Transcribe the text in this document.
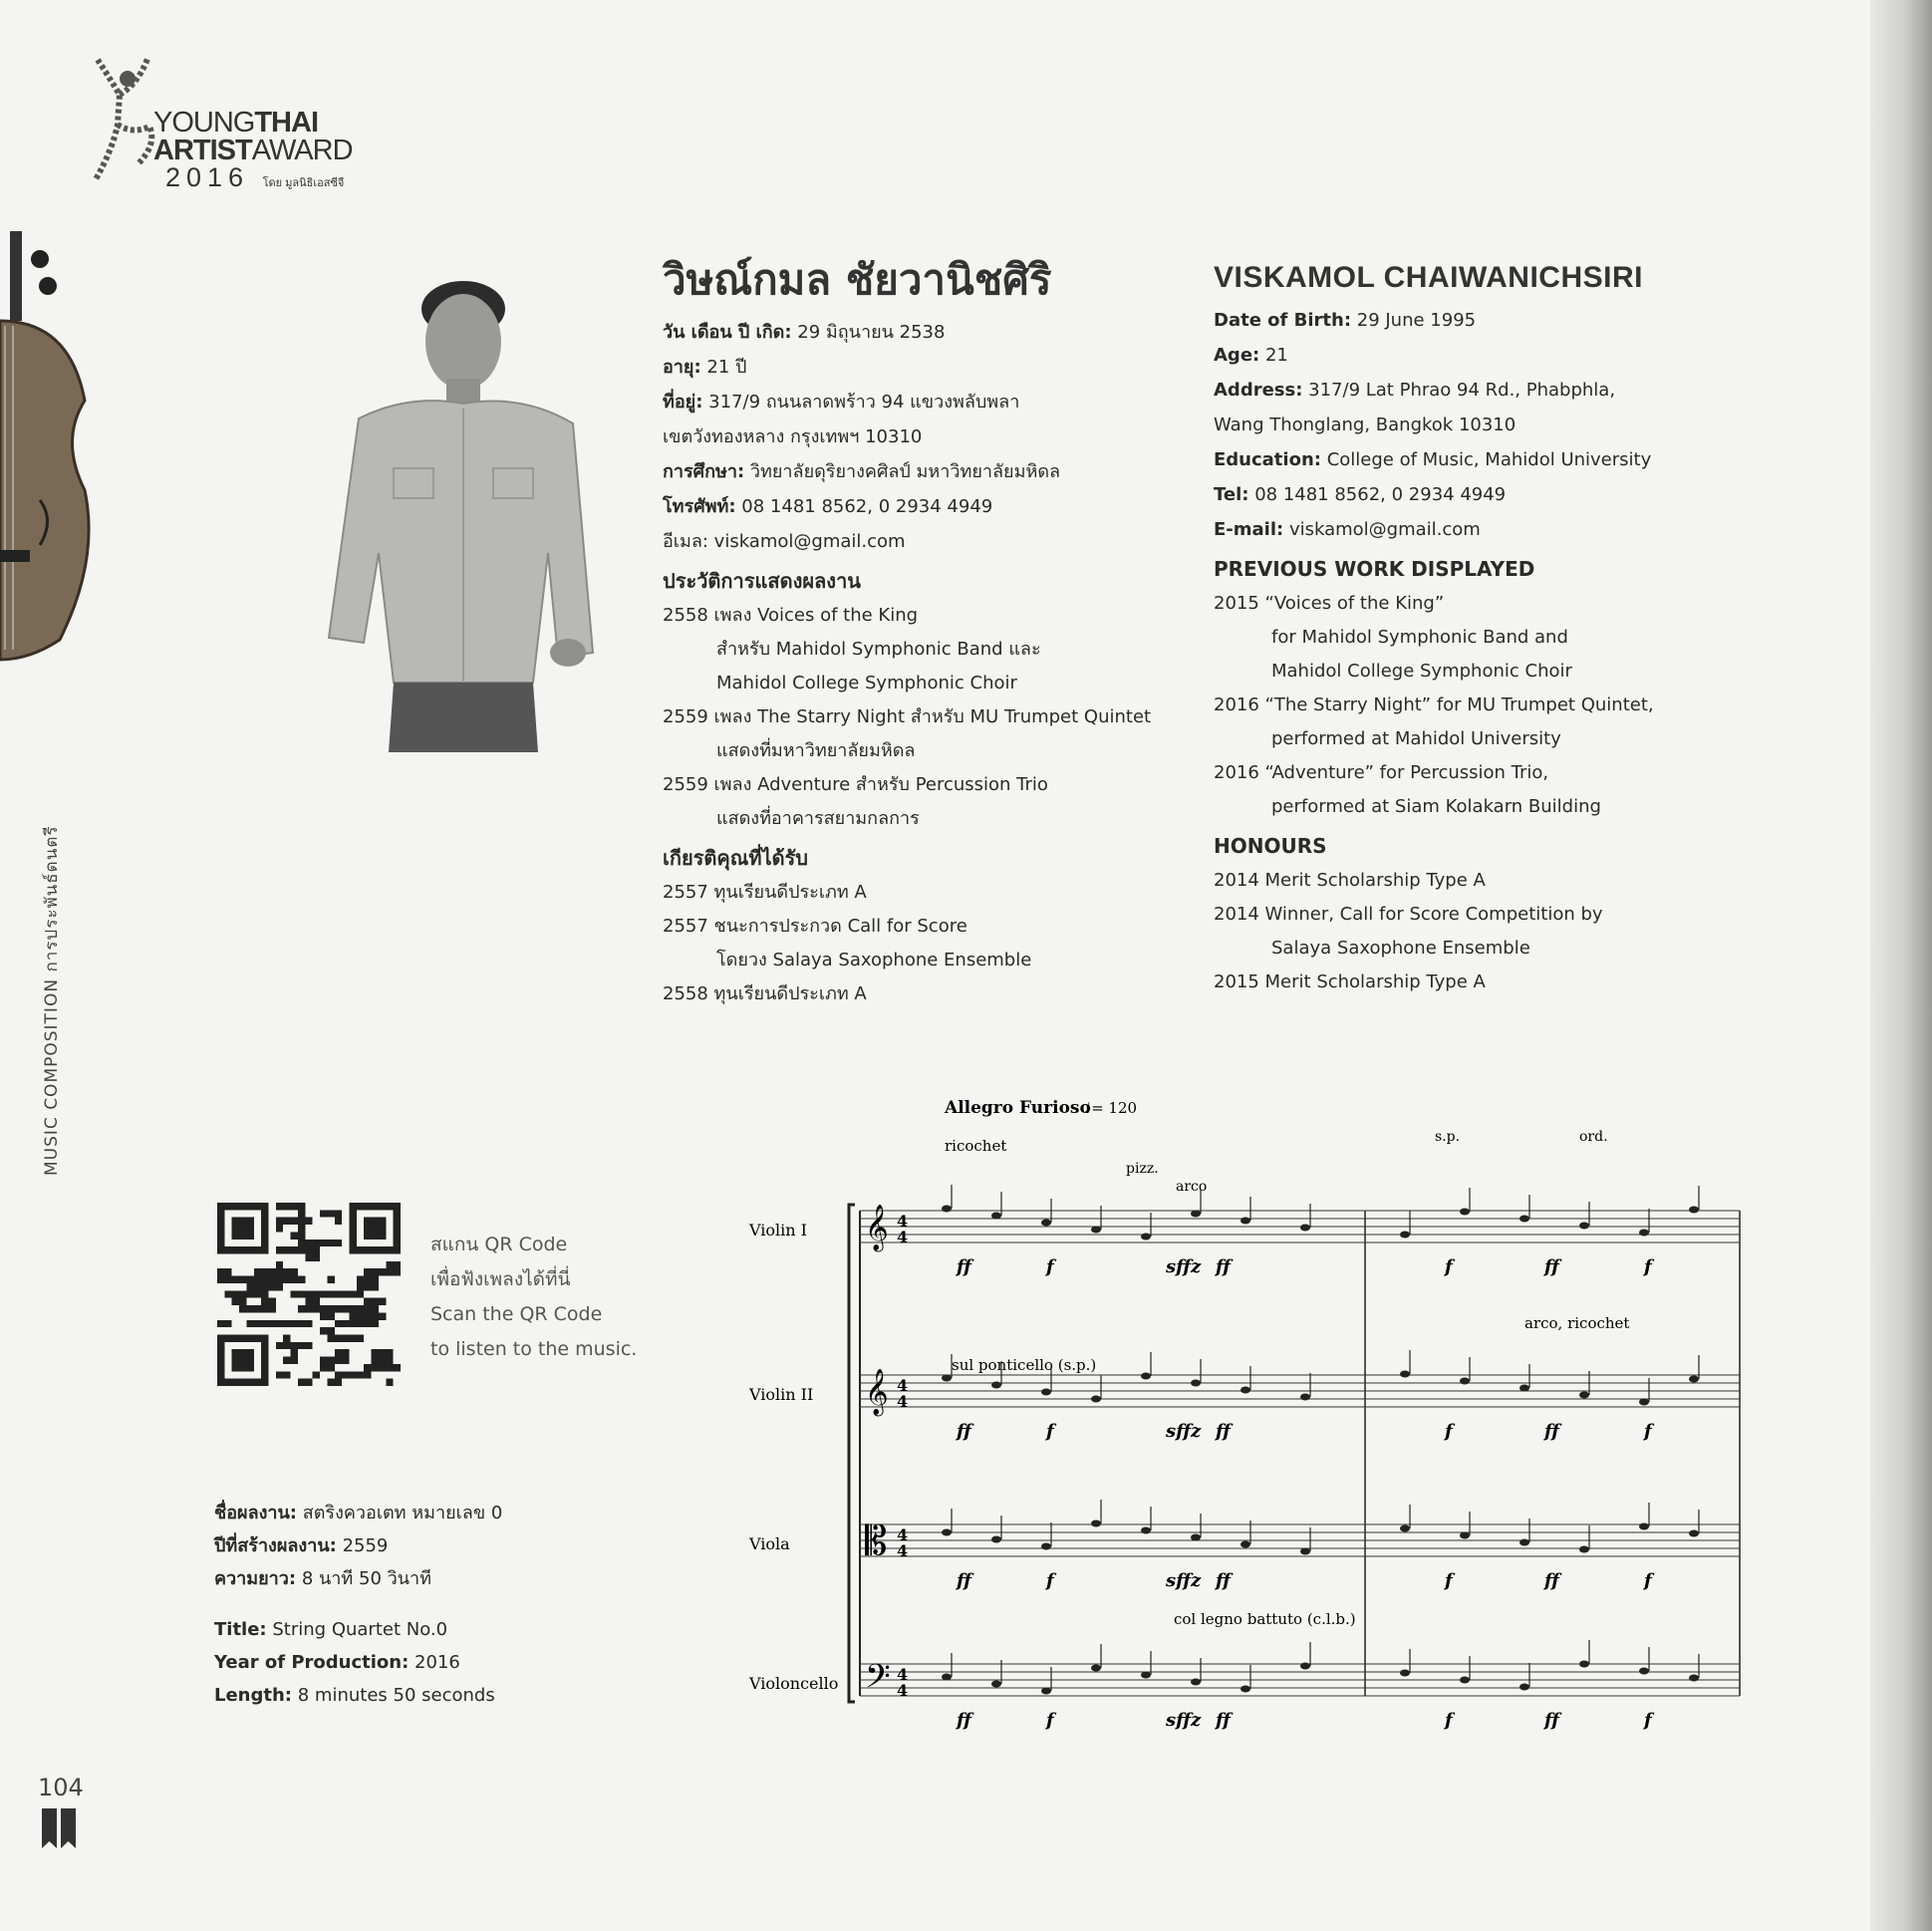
YOUNGTHAI
ARTISTAWARD
2016 โดย มูลนิธิเอสซีจี
MUSIC COMPOSITION การประพันธ์ดนตรี
วิษณ์กมล ชัยวานิชศิริ
วัน เดือน ปี เกิด: 29 มิถุนายน 2538
อายุ: 21 ปี
ที่อยู่: 317/9 ถนนลาดพร้าว 94 แขวงพลับพลา
เขตวังทองหลาง กรุงเทพฯ 10310
การศึกษา: วิทยาลัยดุริยางคศิลป์ มหาวิทยาลัยมหิดล
โทรศัพท์: 08 1481 8562, 0 2934 4949
อีเมล: viskamol@gmail.com
ประวัติการแสดงผลงาน
2558 เพลง Voices of the King
สำหรับ Mahidol Symphonic Band และ
Mahidol College Symphonic Choir
2559 เพลง The Starry Night สำหรับ MU Trumpet Quintet
แสดงที่มหาวิทยาลัยมหิดล
2559 เพลง Adventure สำหรับ Percussion Trio
แสดงที่อาคารสยามกลการ
เกียรติคุณที่ได้รับ
2557 ทุนเรียนดีประเภท A
2557 ชนะการประกวด Call for Score
โดยวง Salaya Saxophone Ensemble
2558 ทุนเรียนดีประเภท A
VISKAMOL CHAIWANICHSIRI
Date of Birth: 29 June 1995
Age: 21
Address: 317/9 Lat Phrao 94 Rd., Phabphla,
Wang Thonglang, Bangkok 10310
Education: College of Music, Mahidol University
Tel: 08 1481 8562, 0 2934 4949
E-mail: viskamol@gmail.com
PREVIOUS WORK DISPLAYED
2015 “Voices of the King”
for Mahidol Symphonic Band and
Mahidol College Symphonic Choir
2016 “The Starry Night” for MU Trumpet Quintet,
performed at Mahidol University
2016 “Adventure” for Percussion Trio,
performed at Siam Kolakarn Building
HONOURS
2014 Merit Scholarship Type A
2014 Winner, Call for Score Competition by
Salaya Saxophone Ensemble
2015 Merit Scholarship Type A
สแกน QR Code
เพื่อฟังเพลงได้ที่นี่
Scan the QR Code
to listen to the music.
ชื่อผลงาน: สตริงควอเตท หมายเลข 0
ปีที่สร้างผลงาน: 2559
ความยาว: 8 นาที 50 วินาที
Title: String Quartet No.0
Year of Production: 2016
Length: 8 minutes 50 seconds
104
Allegro Furioso
♩= 120
ricochet
pizz.
arco
s.p.	ord.
sul ponticello (s.p.)
arco, ricochet
col legno battuto (c.l.b.)
Violin I 𝄞 4
4
ff	f	sffz ff	f	ff	f
Violin II 𝄞 4
4
ff	f	sffz ff	f	ff	f
Viola 𝄡 4
4
ff	f	sffz ff	f	ff	f
Violoncello 𝄢 4
4
ff	f	sffz ff	f	ff	f
